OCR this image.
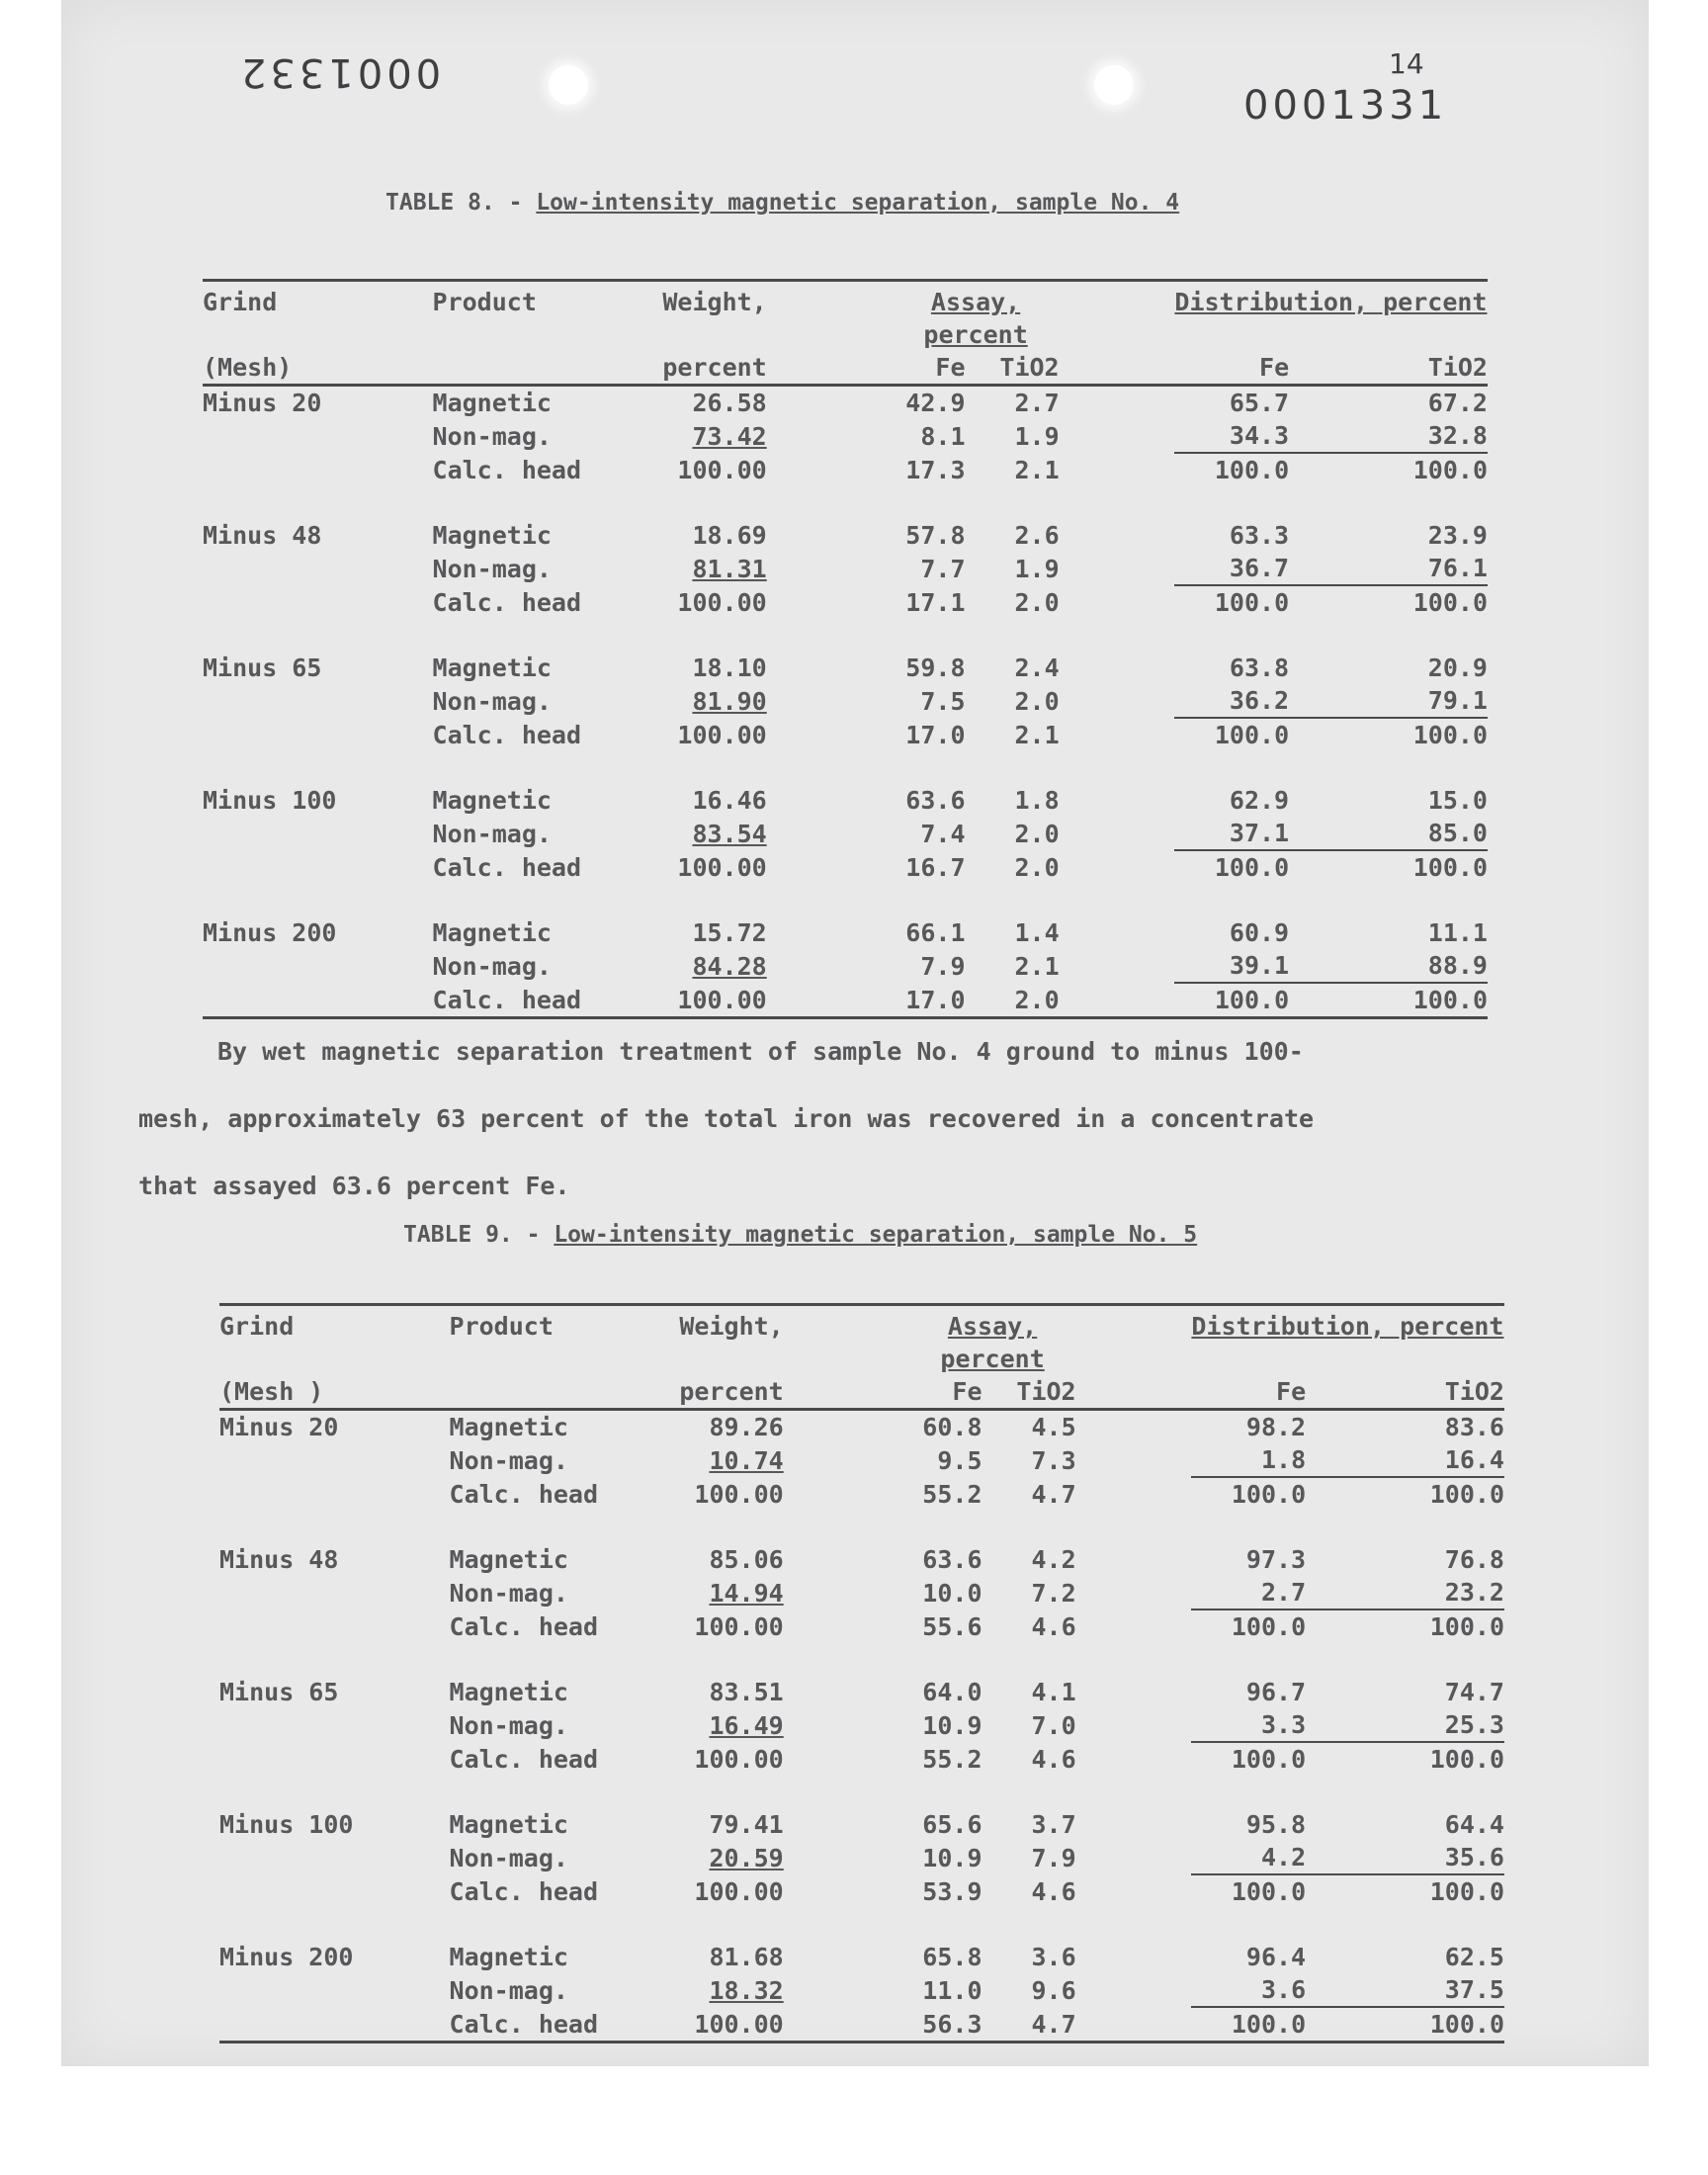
0001332	14
0001331
TABLE 8. - Low-intensity magnetic separation, sample No. 4
Grind	Product	Weight,		Assay, percent			Distribution, percent		
(Mesh)		percent		Fe	TiO2		Fe		TiO2
Minus 20	Magnetic	26.58		42.9	2.7		65.7		67.2
	Non-mag.	73.42		8.1	1.9		34.3		32.8
	Calc. head	100.00		17.3	2.1		100.0		100.0
Minus 48	Magnetic	18.69		57.8	2.6		63.3		23.9
	Non-mag.	81.31		7.7	1.9		36.7		76.1
	Calc. head	100.00		17.1	2.0		100.0		100.0
Minus 65	Magnetic	18.10		59.8	2.4		63.8		20.9
	Non-mag.	81.90		7.5	2.0		36.2		79.1
	Calc. head	100.00		17.0	2.1		100.0		100.0
Minus 100	Magnetic	16.46		63.6	1.8		62.9		15.0
	Non-mag.	83.54		7.4	2.0		37.1		85.0
	Calc. head	100.00		16.7	2.0		100.0		100.0
Minus 200	Magnetic	15.72		66.1	1.4		60.9		11.1
	Non-mag.	84.28		7.9	2.1		39.1		88.9
	Calc. head	100.00		17.0	2.0		100.0		100.0

By wet magnetic separation treatment of sample No. 4 ground to minus 100-

mesh, approximately 63 percent of the total iron was recovered in a concentrate

that assayed 63.6 percent Fe.

TABLE 9. - Low-intensity magnetic separation, sample No. 5
Grind	Product	Weight,		Assay, percent			Distribution, percent		
(Mesh )		percent		Fe	TiO2		Fe		TiO2
Minus 20	Magnetic	89.26		60.8	4.5		98.2		83.6
	Non-mag.	10.74		9.5	7.3		1.8		16.4
	Calc. head	100.00		55.2	4.7		100.0		100.0
Minus 48	Magnetic	85.06		63.6	4.2		97.3		76.8
	Non-mag.	14.94		10.0	7.2		2.7		23.2
	Calc. head	100.00		55.6	4.6		100.0		100.0
Minus 65	Magnetic	83.51		64.0	4.1		96.7		74.7
	Non-mag.	16.49		10.9	7.0		3.3		25.3
	Calc. head	100.00		55.2	4.6		100.0		100.0
Minus 100	Magnetic	79.41		65.6	3.7		95.8		64.4
	Non-mag.	20.59		10.9	7.9		4.2		35.6
	Calc. head	100.00		53.9	4.6		100.0		100.0
Minus 200	Magnetic	81.68		65.8	3.6		96.4		62.5
	Non-mag.	18.32		11.0	9.6		3.6		37.5
	Calc. head	100.00		56.3	4.7		100.0		100.0
